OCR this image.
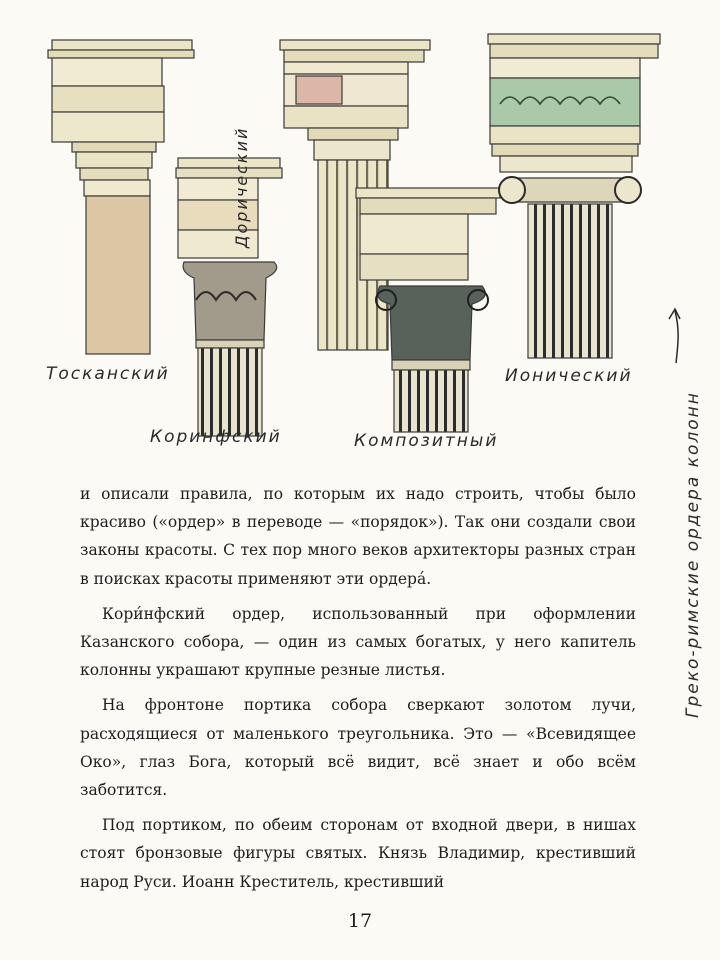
Тосканский
Коринфский
Дорический
Композитный
Ионический
Греко-римские ордера колонн

и описали правила, по которым их надо строить, чтобы было красиво («ордер» в переводе — «порядок»). Так они создали свои законы красоты. С тех пор много веков архитекторы разных стран в поисках красоты применяют эти ордера́.

Кори́нфский ордер, использованный при оформлении Казанского собора, — один из самых богатых, у него капитель колонны украшают крупные резные листья.

На фронтоне портика собора сверкают золотом лучи, расходящиеся от маленького треугольника. Это — «Всевидящее Око», глаз Бога, который всё видит, всё знает и обо всём заботится.

Под портиком, по обеим сторонам от входной двери, в нишах стоят бронзовые фигуры святых. Князь Владимир, крестивший народ Руси. Иоанн Креститель, крестивший

17
